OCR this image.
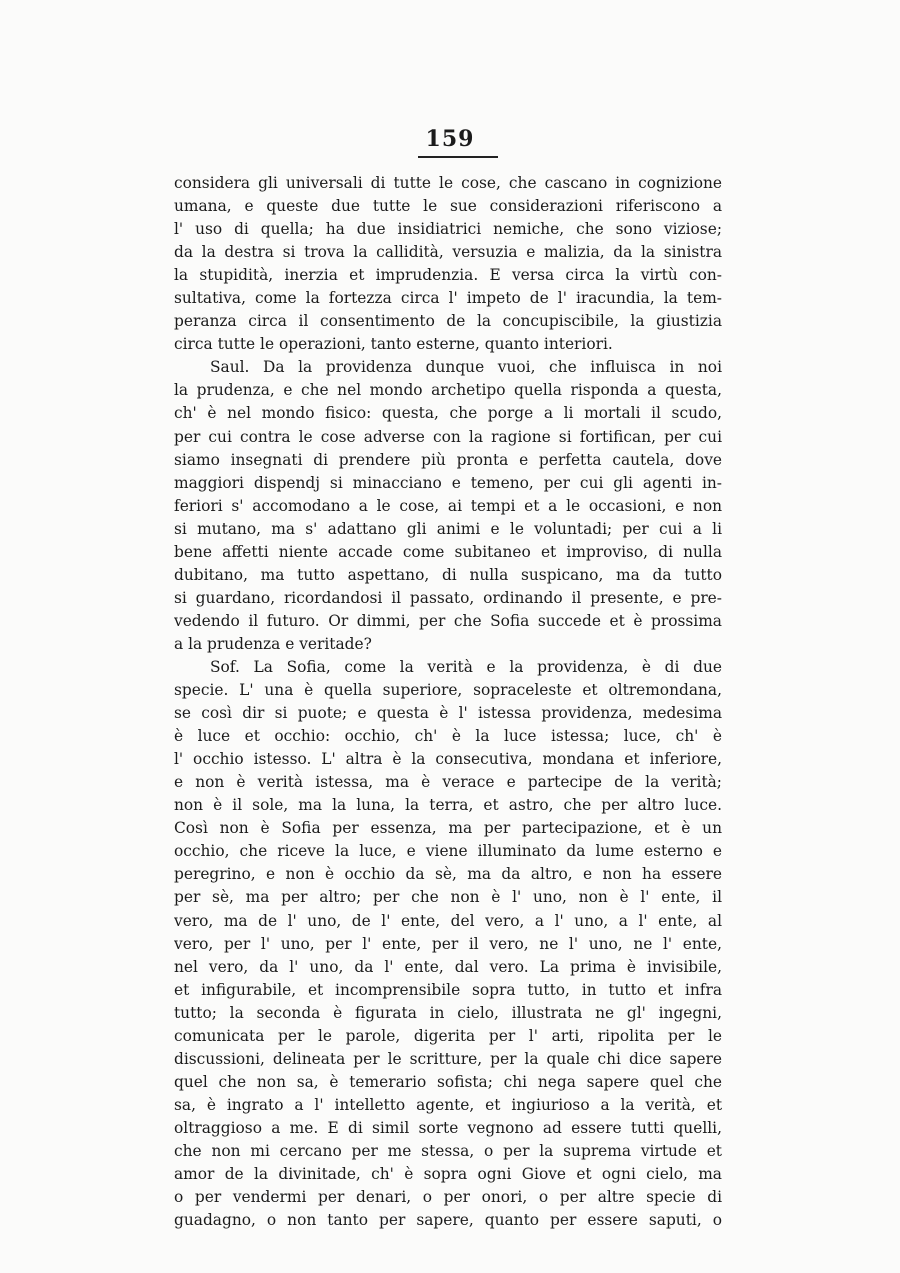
159
considera gli universali di tutte le cose, che cascano in cognizione
umana, e queste due tutte le sue considerazioni riferiscono a
l' uso di quella; ha due insidiatrici nemiche, che sono viziose;
da la destra si trova la callidità, versuzia e malizia, da la sinistra
la stupidità, inerzia et imprudenzia. E versa circa la virtù con-
sultativa, come la fortezza circa l' impeto de l' iracundia, la tem-
peranza circa il consentimento de la concupiscibile, la giustizia
circa tutte le operazioni, tanto esterne, quanto interiori.
Saul. Da la providenza dunque vuoi, che influisca in noi
la prudenza, e che nel mondo archetipo quella risponda a questa,
ch' è nel mondo fisico: questa, che porge a li mortali il scudo,
per cui contra le cose adverse con la ragione si fortifican, per cui
siamo insegnati di prendere più pronta e perfetta cautela, dove
maggiori dispendj si minacciano e temeno, per cui gli agenti in-
feriori s' accomodano a le cose, ai tempi et a le occasioni, e non
si mutano, ma s' adattano gli animi e le voluntadi; per cui a li
bene affetti niente accade come subitaneo et improviso, di nulla
dubitano, ma tutto aspettano, di nulla suspicano, ma da tutto
si guardano, ricordandosi il passato, ordinando il presente, e pre-
vedendo il futuro. Or dimmi, per che Sofia succede et è prossima
a la prudenza e veritade?
Sof. La Sofia, come la verità e la providenza, è di due
specie. L' una è quella superiore, sopraceleste et oltremondana,
se così dir si puote; e questa è l' istessa providenza, medesima
è luce et occhio: occhio, ch' è la luce istessa; luce, ch' è
l' occhio istesso. L' altra è la consecutiva, mondana et inferiore,
e non è verità istessa, ma è verace e partecipe de la verità;
non è il sole, ma la luna, la terra, et astro, che per altro luce.
Così non è Sofia per essenza, ma per partecipazione, et è un
occhio, che riceve la luce, e viene illuminato da lume esterno e
peregrino, e non è occhio da sè, ma da altro, e non ha essere
per sè, ma per altro; per che non è l' uno, non è l' ente, il
vero, ma de l' uno, de l' ente, del vero, a l' uno, a l' ente, al
vero, per l' uno, per l' ente, per il vero, ne l' uno, ne l' ente,
nel vero, da l' uno, da l' ente, dal vero. La prima è invisibile,
et infigurabile, et incomprensibile sopra tutto, in tutto et infra
tutto; la seconda è figurata in cielo, illustrata ne gl' ingegni,
comunicata per le parole, digerita per l' arti, ripolita per le
discussioni, delineata per le scritture, per la quale chi dice sapere
quel che non sa, è temerario sofista; chi nega sapere quel che
sa, è ingrato a l' intelletto agente, et ingiurioso a la verità, et
oltraggioso a me. E di simil sorte vegnono ad essere tutti quelli,
che non mi cercano per me stessa, o per la suprema virtude et
amor de la divinitade, ch' è sopra ogni Giove et ogni cielo, ma
o per vendermi per denari, o per onori, o per altre specie di
guadagno, o non tanto per sapere, quanto per essere saputi, o
